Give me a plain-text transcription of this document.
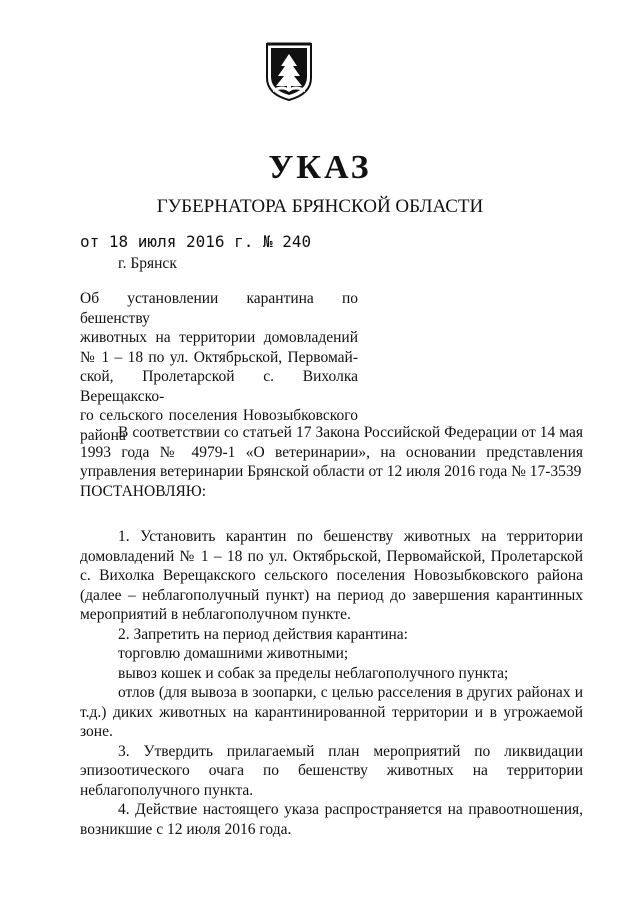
УКАЗ
ГУБЕРНАТОРА БРЯНСКОЙ ОБЛАСТИ
от 18 июля 2016 г. № 240
г. Брянск
Об установлении карантина по бешенству
животных на территории домовладений
№ 1 – 18 по ул. Октябрьской, Первомай-
ской, Пролетарской с. Вихолка Верещакско-
го сельского поселения Новозыбковского
района

В соответствии со статьей 17 Закона Российской Федерации от 14 мая 1993 года № 4979-1 «О ветеринарии», на основании представления управления ветеринарии Брянской области от 12 июля 2016 года № 17-3539

ПОСТАНОВЛЯЮ:

1. Установить карантин по бешенству животных на территории домовладений № 1 – 18 по ул. Октябрьской, Первомайской, Пролетарской с. Вихолка Верещакского сельского поселения Новозыбковского района (далее – неблагополучный пункт) на период до завершения карантинных мероприятий в неблагополучном пункте.

2. Запретить на период действия карантина:

торговлю домашними животными;

вывоз кошек и собак за пределы неблагополучного пункта;

отлов (для вывоза в зоопарки, с целью расселения в других районах и т.д.) диких животных на карантинированной территории и в угрожаемой зоне.

3. Утвердить прилагаемый план мероприятий по ликвидации эпизоотического очага по бешенству животных на территории неблагополучного пункта.

4. Действие настоящего указа распространяется на правоотношения, возникшие с 12 июля 2016 года.
